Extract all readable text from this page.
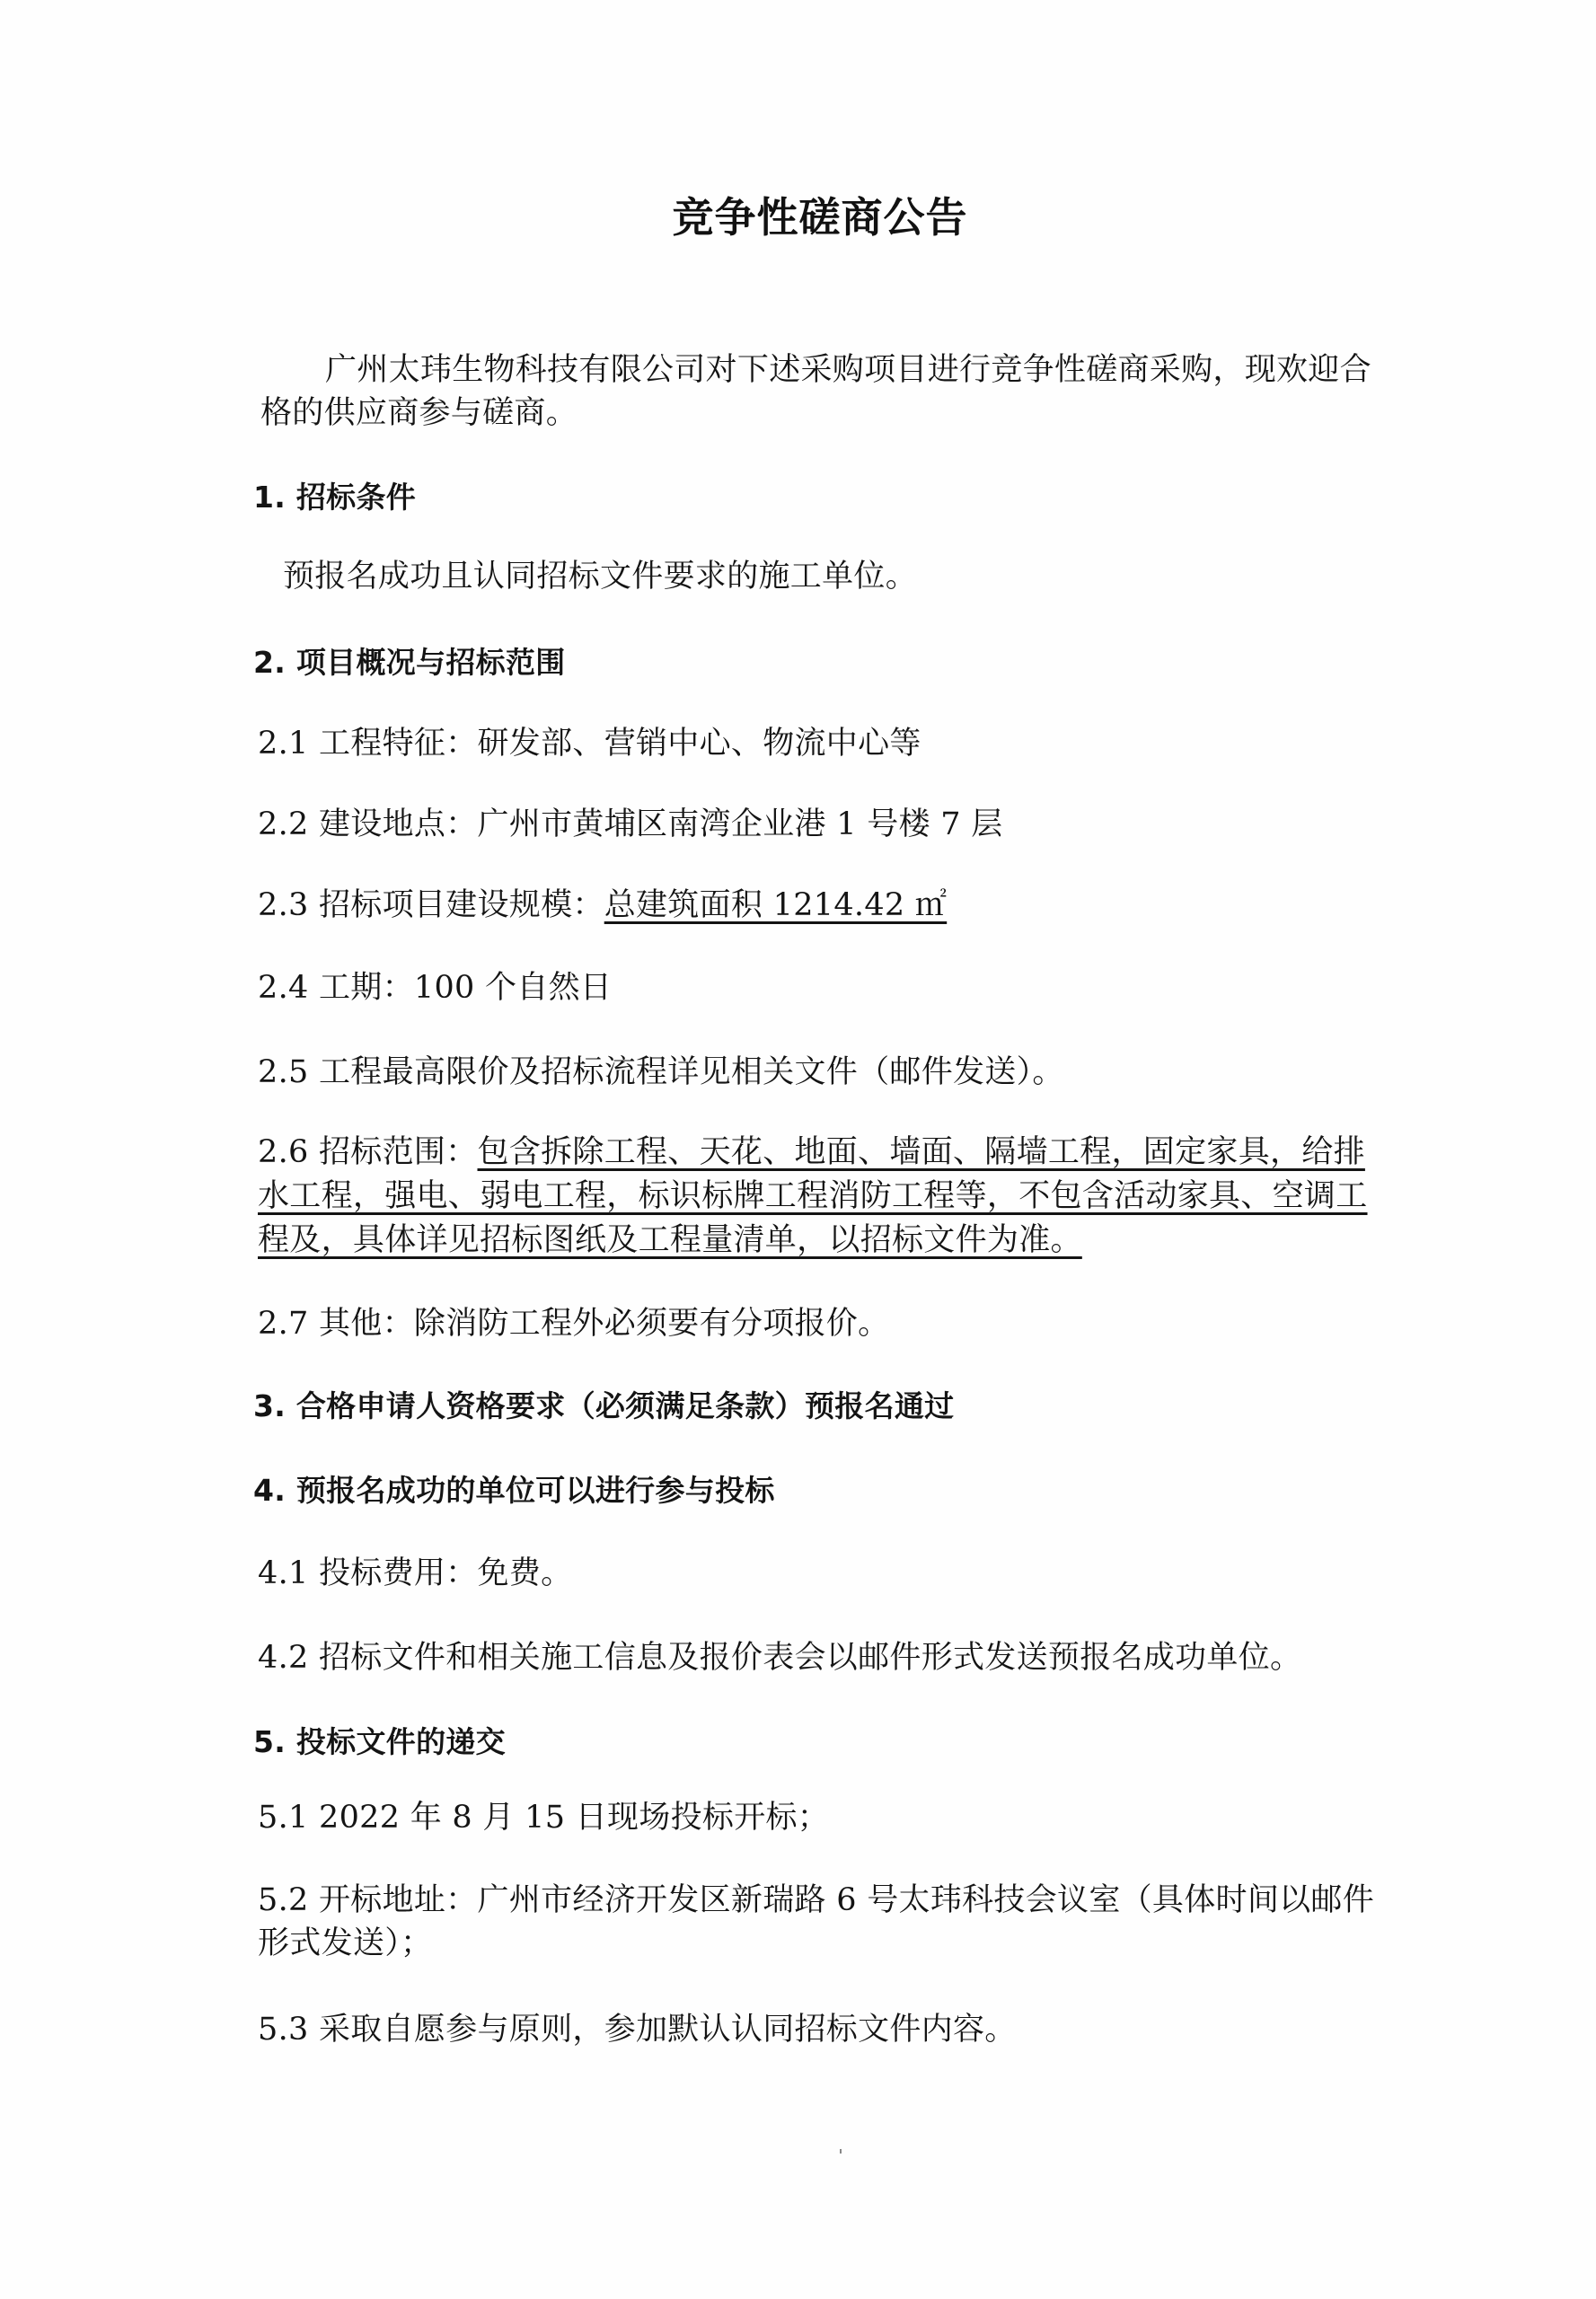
竞争性磋商公告
广州太玮生物科技有限公司对下述采购项目进行竞争性磋商采购，现欢迎合格的供应商参与磋商。
1. 招标条件
预报名成功且认同招标文件要求的施工单位。
2. 项目概况与招标范围
2.1 工程特征：研发部、营销中心、物流中心等
2.2 建设地点：广州市黄埔区南湾企业港 1 号楼 7 层
2.3 招标项目建设规模：总建筑面积 1214.42 ㎡
2.4 工期：100 个自然日
2.5 工程最高限价及招标流程详见相关文件（邮件发送）。
2.6 招标范围：包含拆除工程、天花、地面、墙面、隔墙工程，固定家具，给排水工程，强电、弱电工程，标识标牌工程消防工程等，不包含活动家具、空调工程及，具体详见招标图纸及工程量清单，以招标文件为准。
2.7 其他：除消防工程外必须要有分项报价。
3. 合格申请人资格要求（必须满足条款）预报名通过
4. 预报名成功的单位可以进行参与投标
4.1 投标费用：免费。
4.2 招标文件和相关施工信息及报价表会以邮件形式发送预报名成功单位。
5. 投标文件的递交
5.1 2022 年 8 月 15 日现场投标开标；
5.2 开标地址：广州市经济开发区新瑞路 6 号太玮科技会议室（具体时间以邮件形式发送）；
5.3 采取自愿参与原则，参加默认认同招标文件内容。
